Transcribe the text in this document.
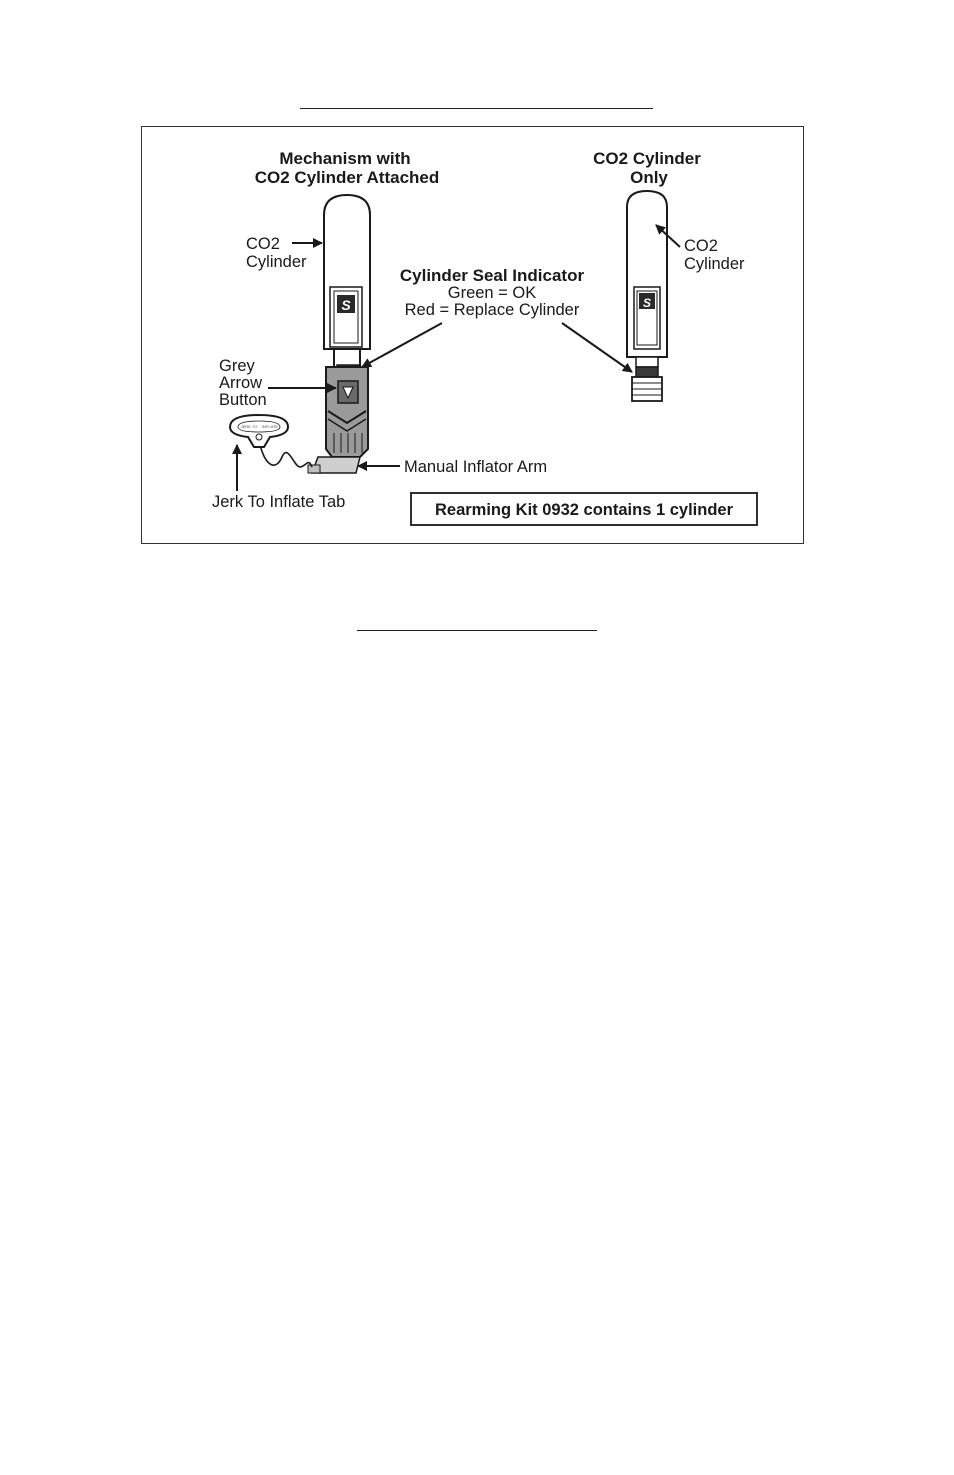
Mechanism with
CO2 Cylinder Attached
CO2 Cylinder
Only
S
JERK TO INFLATE
CO2
Cylinder
Grey
Arrow
Button
Manual Inflator Arm
Jerk To Inflate Tab
Cylinder Seal Indicator
Green = OK
Red = Replace Cylinder	S
CO2
Cylinder
Rearming Kit 0932 contains 1 cylinder
